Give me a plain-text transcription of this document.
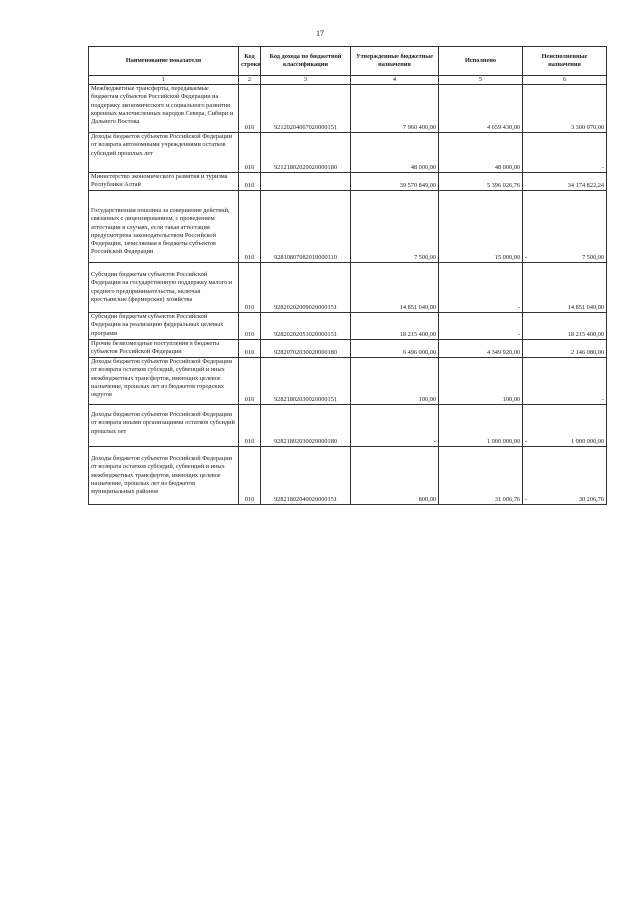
17
Наименование показателя	Код строки	Код дохода по бюджетной классификации	Утвержденные бюджетные назначения	Исполнено	Неисполненные назначения
1	2	3	4	5	6
Межбюджетные трансферты, передаваемые бюджетам субъектов Российской Федерации на поддержку экономического и социального развития коренных малочисленных народов Севера, Сибири и Дальнего Востока	010	92120204067020000151	7 960 400,00	4 659 430,00	3 300 970,00

Доходы бюджетов субъектов Российской Федерации от возврата автономными учреждениями остатков субсидий прошлых лет	010	92121802020020000180	48 000,00	48 000,00	-

Министерство экономического развития и туризма Республики Алтай	010		39 570 849,00	5 396 026,76	34 174 822,24

Государственная пошлина за совершение действий, связанных с лицензированием, с проведением аттестации в случаях, если такая аттестация предусмотрена законодательством Российской Федерации, зачисляемая в бюджеты субъектов Российской Федерации	010	92810807082010000110	7 500,00	15 000,00	- 7 500,00

Субсидии бюджетам субъектов Российской Федерации на государственную поддержку малого и среднего предпринимательства, включая крестьянские (фермерские) хозяйства	010	92820202009020000151	14 851 049,00	-	14 851 049,00

Субсидии бюджетам субъектов Российской Федерации на реализацию федеральных целевых программ	010	92820202051020000151	18 215 400,00	-	18 215 400,00

Прочие безвозмездные поступления в бюджеты субъектов Российской Федерации	010	92820702030020000180	6 496 000,00	4 349 920,00	2 146 080,00

Доходы бюджетов субъектов Российской Федерации от возврата остатков субсидий, субвенций и иных межбюджетных трансфертов, имеющих целевое назначение, прошлых лет из бюджетов городских округов	010	92821802030020000151	100,00	100,00	-

Доходы бюджетов субъектов Российской Федерации от возврата иными организациями остатков субсидий прошлых лет	010	92821802030020000180	-	1 000 000,00	- 1 000 000,00

Доходы бюджетов субъектов Российской Федерации от возврата остатков субсидий, субвенций и иных межбюджетных трансфертов, имеющих целевое назначение, прошлых лет из бюджетов муниципальных районов	010	92821802040020000151	800,00	31 006,76	- 30 206,76
